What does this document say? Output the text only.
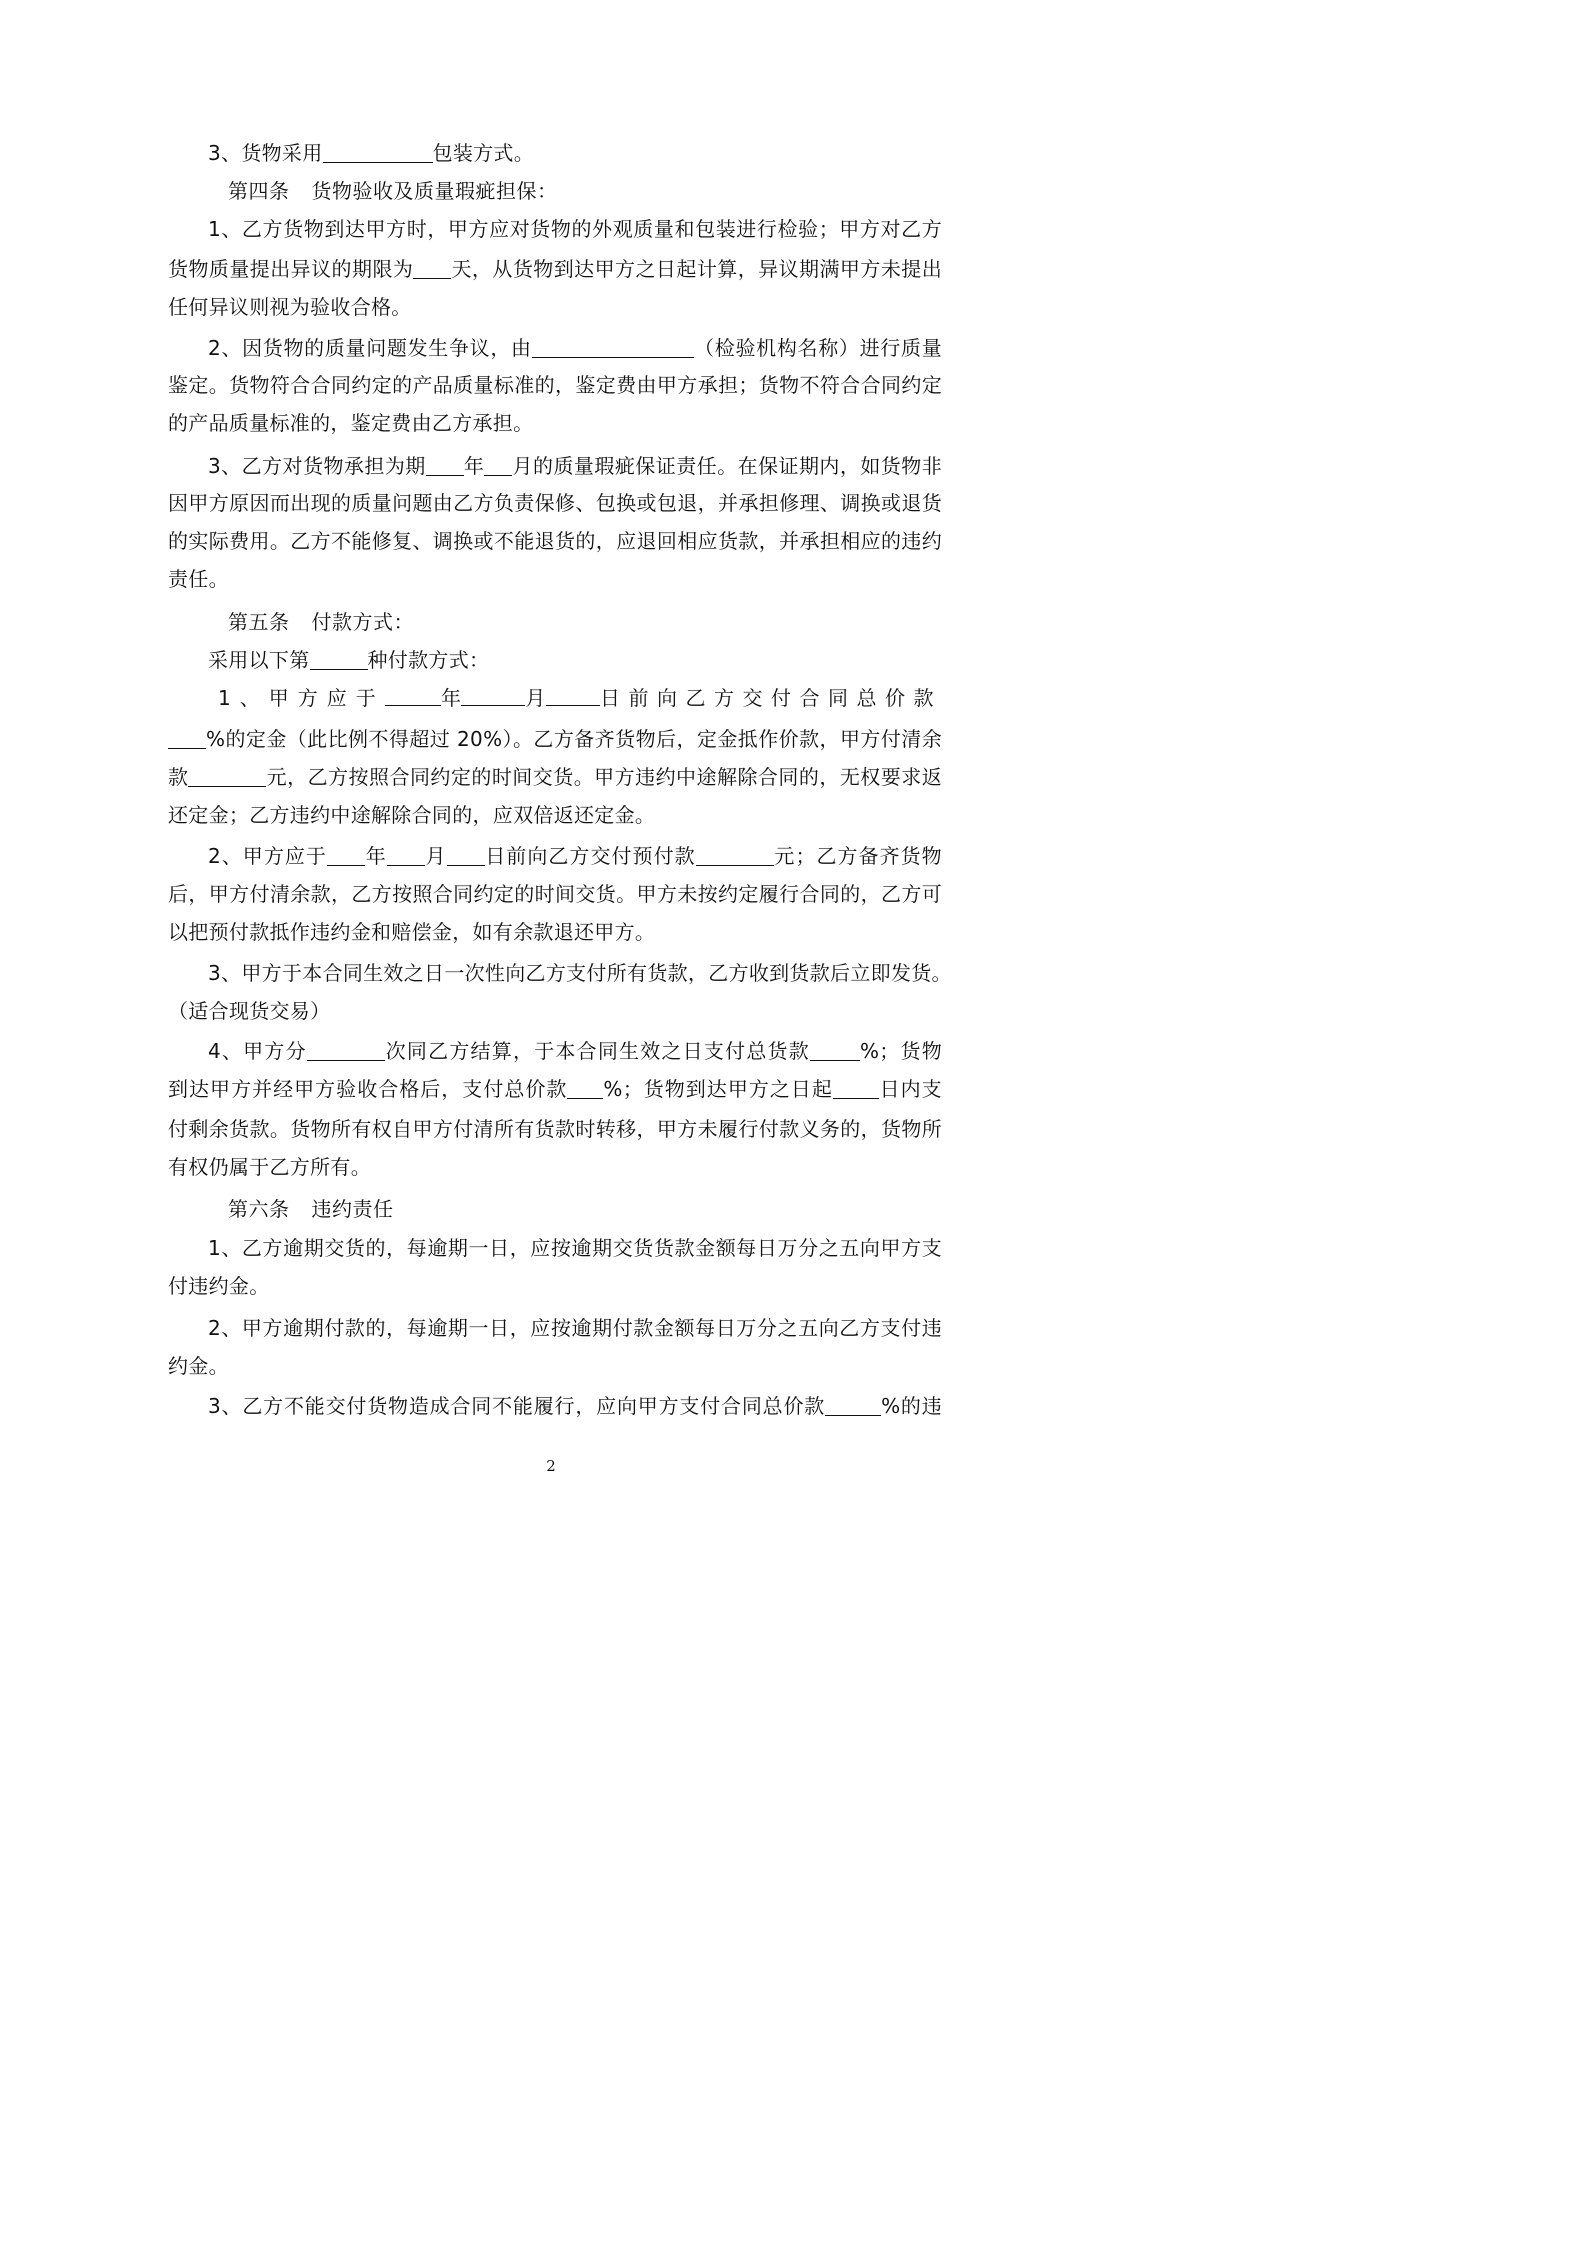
3、货物采用	包装方式。
第四条 货物验收及质量瑕疵担保：
1、乙方货物到达甲方时，甲方应对货物的外观质量和包装进行检验；甲方对乙方
货物质量提出异议的期限为 天，从货物到达甲方之日起计算，异议期满甲方未提出
任何异议则视为验收合格。
2、因货物的质量问题发生争议，由	（检验机构名称）进行质量
鉴定。货物符合合同约定的产品质量标准的，鉴定费由甲方承担；货物不符合合同约定
的产品质量标准的，鉴定费由乙方承担。
3、乙方对货物承担为期 年 月的质量瑕疵保证责任。在保证期内，如货物非
因甲方原因而出现的质量问题由乙方负责保修、包换或包退，并承担修理、调换或退货
的实际费用。乙方不能修复、调换或不能退货的，应退回相应货款，并承担相应的违约
责任。
第五条 付款方式：
采用以下第	种付款方式：
1、甲方应于	年	月	日前向乙方交付合同总价款
%的定金（此比例不得超过 20%）。乙方备齐货物后，定金抵作价款，甲方付清余
款	元，乙方按照合同约定的时间交货。甲方违约中途解除合同的，无权要求返
还定金；乙方违约中途解除合同的，应双倍返还定金。
2、甲方应于 年 月 日前向乙方交付预付款	元；乙方备齐货物
后，甲方付清余款，乙方按照合同约定的时间交货。甲方未按约定履行合同的，乙方可
以把预付款抵作违约金和赔偿金，如有余款退还甲方。
3、甲方于本合同生效之日一次性向乙方支付所有货款，乙方收到货款后立即发货。
（适合现货交易）
4、甲方分	次同乙方结算，于本合同生效之日支付总货款	%；货物
到达甲方并经甲方验收合格后，支付总价款 %；货物到达甲方之日起 日内支
付剩余货款。货物所有权自甲方付清所有货款时转移，甲方未履行付款义务的，货物所
有权仍属于乙方所有。
第六条 违约责任
1、乙方逾期交货的，每逾期一日，应按逾期交货货款金额每日万分之五向甲方支
付违约金。
2、甲方逾期付款的，每逾期一日，应按逾期付款金额每日万分之五向乙方支付违
约金。
3、乙方不能交付货物造成合同不能履行，应向甲方支付合同总价款	%的违
2
